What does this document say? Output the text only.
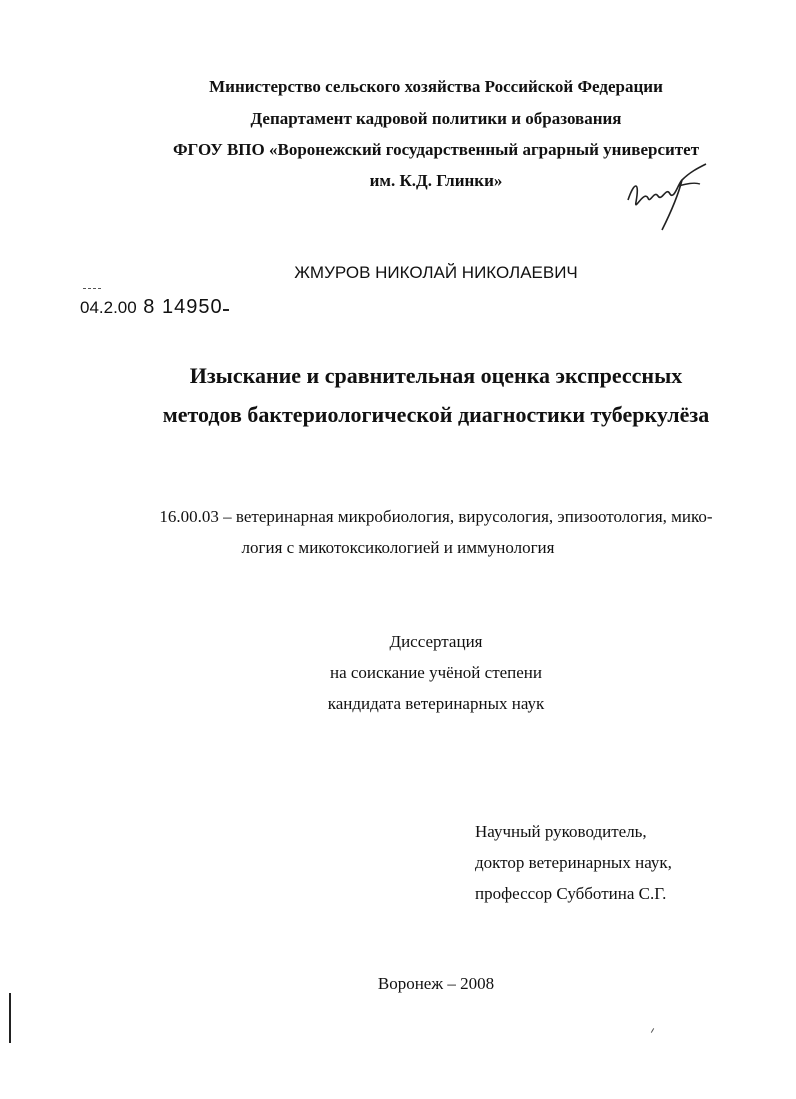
Министерство сельского хозяйства Российской Федерации
Департамент кадровой политики и образования
ФГОУ ВПО «Воронежский государственный аграрный университет
им. К.Д. Глинки»
ЖМУРОВ НИКОЛАЙ НИКОЛАЕВИЧ
04.2.00 8 14950
Изыскание и сравнительная оценка экспрессных
методов бактериологической диагностики туберкулёза
16.00.03 – ветеринарная микробиология, вирусология, эпизоотология, мико-
логия с микотоксикологией и иммунология
Диссертация
на соискание учёной степени
кандидата ветеринарных наук
Научный руководитель,
доктор ветеринарных наук,
профессор Субботина С.Г.
Воронеж – 2008
